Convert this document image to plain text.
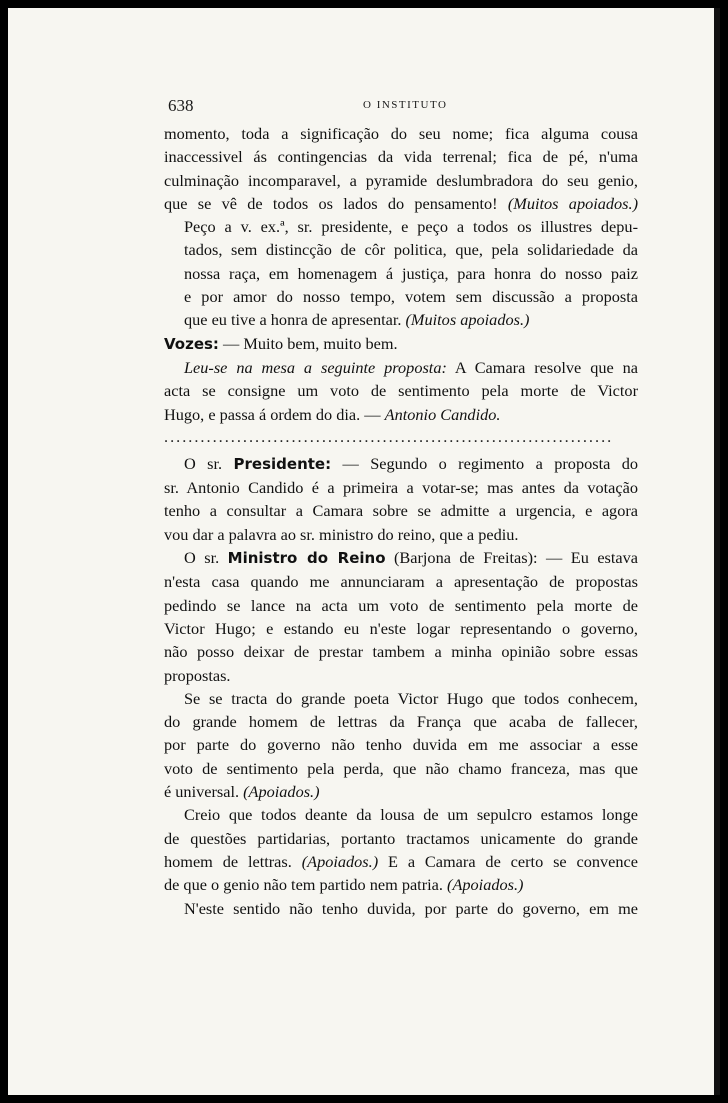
638	O INSTITUTO

momento, toda a significação do seu nome; fica alguma cousa
inaccessivel ás contingencias da vida terrenal; fica de pé, n'uma
culminação incomparavel, a pyramide deslumbradora do seu genio,
que se vê de todos os lados do pensamento! (Muitos apoiados.)

Peço a v. ex.ª, sr. presidente, e peço a todos os illustres depu-
tados, sem distincção de côr politica, que, pela solidariedade da
nossa raça, em homenagem á justiça, para honra do nosso paiz
e por amor do nosso tempo, votem sem discussão a proposta
que eu tive a honra de apresentar. (Muitos apoiados.)

Vozes: — Muito bem, muito bem.

Leu-se na mesa a seguinte proposta: A Camara resolve que na
acta se consigne um voto de sentimento pela morte de Victor
Hugo, e passa á ordem do dia. — Antonio Candido.

..........................................................................

O sr. Presidente: — Segundo o regimento a proposta do
sr. Antonio Candido é a primeira a votar-se; mas antes da votação
tenho a consultar a Camara sobre se admitte a urgencia, e agora
vou dar a palavra ao sr. ministro do reino, que a pediu.

O sr. Ministro do Reino (Barjona de Freitas): — Eu estava
n'esta casa quando me annunciaram a apresentação de propostas
pedindo se lance na acta um voto de sentimento pela morte de
Victor Hugo; e estando eu n'este logar representando o governo,
não posso deixar de prestar tambem a minha opinião sobre essas
propostas.

Se se tracta do grande poeta Victor Hugo que todos conhecem,
do grande homem de lettras da França que acaba de fallecer,
por parte do governo não tenho duvida em me associar a esse
voto de sentimento pela perda, que não chamo franceza, mas que
é universal. (Apoiados.)

Creio que todos deante da lousa de um sepulcro estamos longe
de questões partidarias, portanto tractamos unicamente do grande
homem de lettras. (Apoiados.) E a Camara de certo se convence
de que o genio não tem partido nem patria. (Apoiados.)

N'este sentido não tenho duvida, por parte do governo, em me
